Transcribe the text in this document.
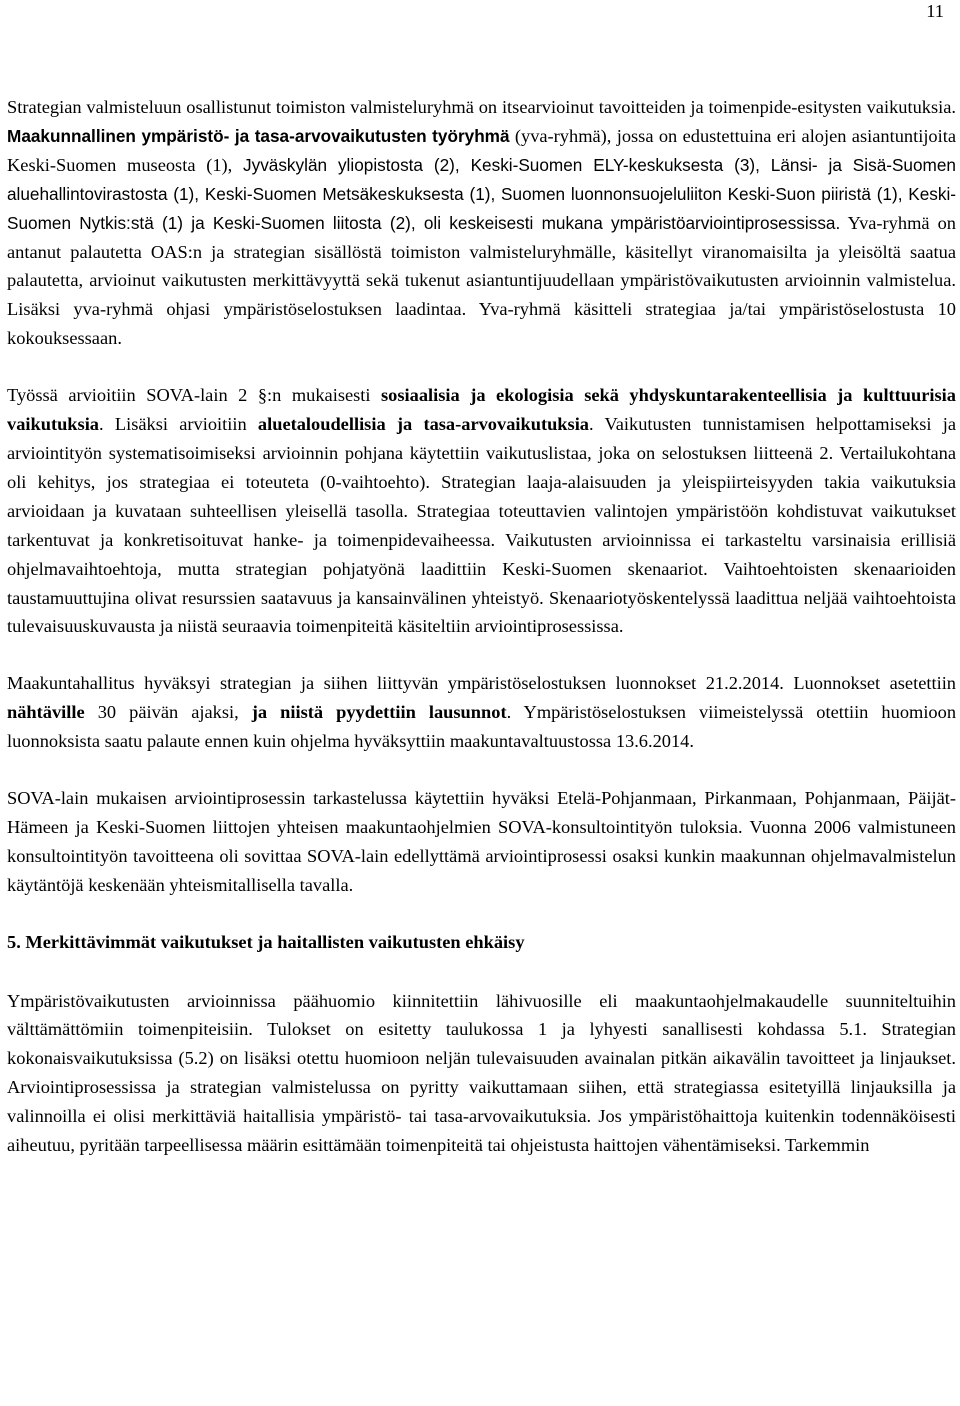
11

Strategian valmisteluun osallistunut toimiston valmisteluryhmä on itsearvioinut tavoitteiden ja toimenpide-esitysten vaikutuksia. Maakunnallinen ympäristö- ja tasa-arvovaikutusten työryhmä (yva-ryhmä), jossa on edustettuina eri alojen asiantuntijoita Keski-Suomen museosta (1), Jyväskylän yliopistosta (2), Keski-Suomen ELY-keskuksesta (3), Länsi- ja Sisä-Suomen aluehallintovirastosta (1), Keski-Suomen Metsäkeskuksesta (1), Suomen luonnonsuojeluliiton Keski-Suon piiristä (1), Keski-Suomen Nytkis:stä (1) ja Keski-Suomen liitosta (2), oli keskeisesti mukana ympäristöarviointiprosessissa. Yva-ryhmä on antanut palautetta OAS:n ja strategian sisällöstä toimiston valmisteluryhmälle, käsitellyt viranomaisilta ja yleisöltä saatua palautetta, arvioinut vaikutusten merkittävyyttä sekä tukenut asiantuntijuudellaan ympäristövaikutusten arvioinnin valmistelua. Lisäksi yva-ryhmä ohjasi ympäristöselostuksen laadintaa. Yva-ryhmä käsitteli strategiaa ja/tai ympäristöselostusta 10 kokouksessaan.

Työssä arvioitiin SOVA-lain 2 §:n mukaisesti sosiaalisia ja ekologisia sekä yhdyskuntarakenteellisia ja kulttuurisia vaikutuksia. Lisäksi arvioitiin aluetaloudellisia ja tasa-arvovaikutuksia. Vaikutusten tunnistamisen helpottamiseksi ja arviointityön systematisoimiseksi arvioinnin pohjana käytettiin vaikutuslistaa, joka on selostuksen liitteenä 2. Vertailukohtana oli kehitys, jos strategiaa ei toteuteta (0-vaihtoehto). Strategian laaja-alaisuuden ja yleispiirteisyyden takia vaikutuksia arvioidaan ja kuvataan suhteellisen yleisellä tasolla. Strategiaa toteuttavien valintojen ympäristöön kohdistuvat vaikutukset tarkentuvat ja konkretisoituvat hanke- ja toimenpidevaiheessa. Vaikutusten arvioinnissa ei tarkasteltu varsinaisia erillisiä ohjelmavaihtoehtoja, mutta strategian pohjatyönä laadittiin Keski-Suomen skenaariot. Vaihtoehtoisten skenaarioiden taustamuuttujina olivat resurssien saatavuus ja kansainvälinen yhteistyö. Skenaariotyöskentelyssä laadittua neljää vaihtoehtoista tulevaisuuskuvausta ja niistä seuraavia toimenpiteitä käsiteltiin arviointiprosessissa.

Maakuntahallitus hyväksyi strategian ja siihen liittyvän ympäristöselostuksen luonnokset 21.2.2014. Luonnokset asetettiin nähtäville 30 päivän ajaksi, ja niistä pyydettiin lausunnot. Ympäristöselostuksen viimeistelyssä otettiin huomioon luonnoksista saatu palaute ennen kuin ohjelma hyväksyttiin maakuntavaltuustossa 13.6.2014.

SOVA-lain mukaisen arviointiprosessin tarkastelussa käytettiin hyväksi Etelä-Pohjanmaan, Pirkanmaan, Pohjanmaan, Päijät-Hämeen ja Keski-Suomen liittojen yhteisen maakuntaohjelmien SOVA-konsultointityön tuloksia. Vuonna 2006 valmistuneen konsultointityön tavoitteena oli sovittaa SOVA-lain edellyttämä arviointiprosessi osaksi kunkin maakunnan ohjelmavalmistelun käytäntöjä keskenään yhteismitallisella tavalla.

5. Merkittävimmät vaikutukset ja haitallisten vaikutusten ehkäisy

Ympäristövaikutusten arvioinnissa päähuomio kiinnitettiin lähivuosille eli maakuntaohjelmakaudelle suunniteltuihin välttämättömiin toimenpiteisiin. Tulokset on esitetty taulukossa 1 ja lyhyesti sanallisesti kohdassa 5.1. Strategian kokonaisvaikutuksissa (5.2) on lisäksi otettu huomioon neljän tulevaisuuden avainalan pitkän aikavälin tavoitteet ja linjaukset. Arviointiprosessissa ja strategian valmistelussa on pyritty vaikuttamaan siihen, että strategiassa esitetyillä linjauksilla ja valinnoilla ei olisi merkittäviä haitallisia ympäristö- tai tasa-arvovaikutuksia. Jos ympäristöhaittoja kuitenkin todennäköisesti aiheutuu, pyritään tarpeellisessa määrin esittämään toimenpiteitä tai ohjeistusta haittojen vähentämiseksi. Tarkemmin
